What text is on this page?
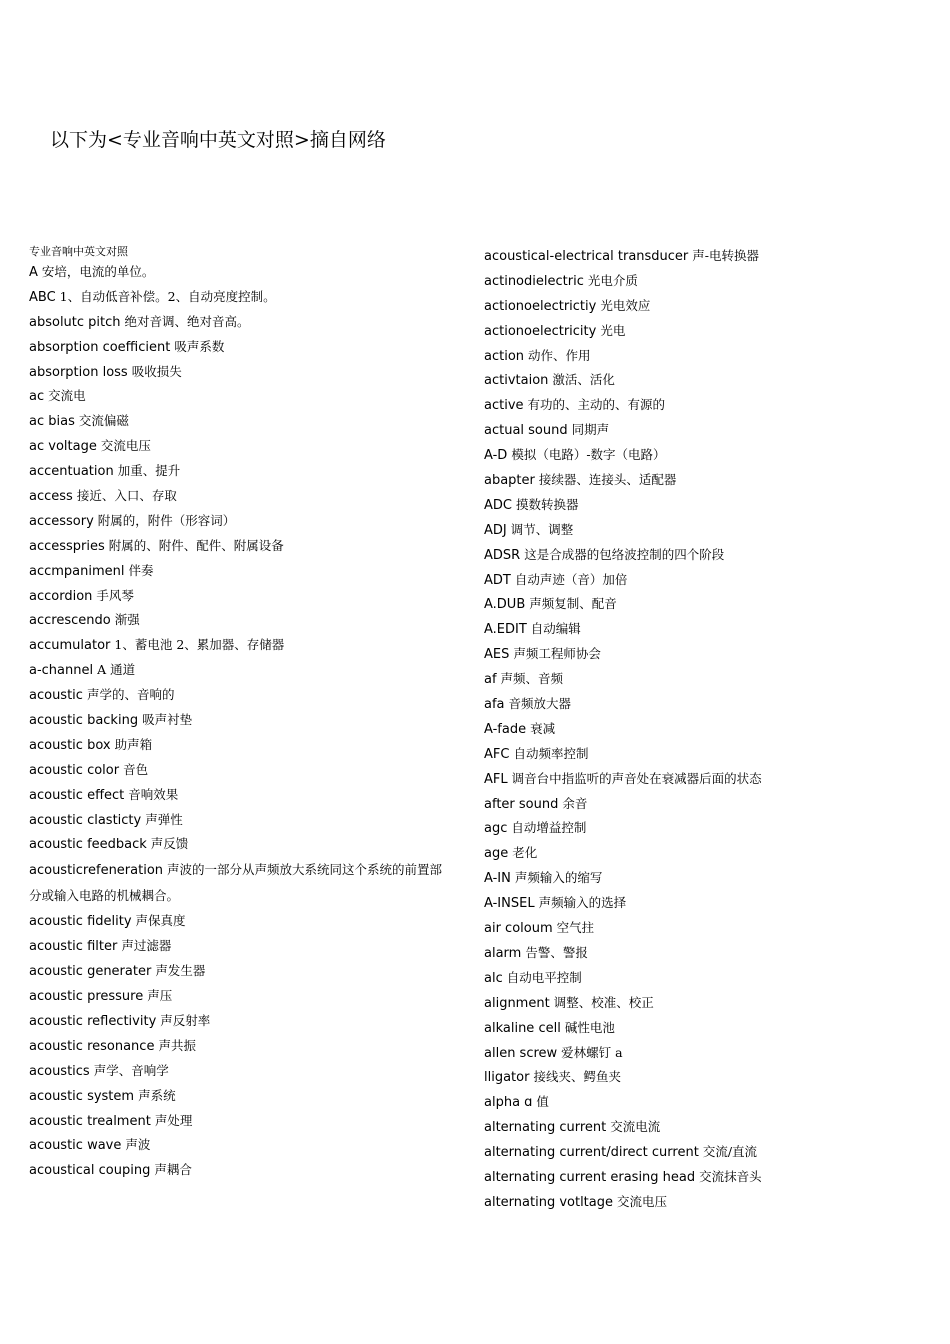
以下为<专业音响中英文对照>摘自网络
专业音响中英文对照
A 安培，电流的单位。
ABC 1、自动低音补偿。2、自动亮度控制。
absolutc pitch 绝对音调、绝对音高。
absorption coefficient 吸声系数
absorption loss 吸收损失
ac 交流电
ac bias 交流偏磁
ac voltage 交流电压
accentuation 加重、提升
access 接近、入口、存取
accessory 附属的，附件（形容词）
accesspries 附属的、附件、配件、附属设备
accmpanimenl 伴奏
accordion 手风琴
accrescendo 渐强
accumulator 1、蓄电池 2、累加器、存储器
a-channel A 通道
acoustic 声学的、音响的
acoustic backing 吸声衬垫
acoustic box 助声箱
acoustic color 音色
acoustic effect 音响效果
acoustic clasticty 声弹性
acoustic feedback 声反馈
acousticrefeneration 声波的一部分从声频放大系统同这个系统的前置部分或输入电路的机械耦合。
acoustic fidelity 声保真度
acoustic filter 声过滤器
acoustic generater 声发生器
acoustic pressure 声压
acoustic reflectivity 声反射率
acoustic resonance 声共振
acoustics 声学、音响学
acoustic system 声系统
acoustic trealment 声处理
acoustic wave 声波
acoustical couping 声耦合
acoustical-electrical transducer 声-电转换器
actinodielectric 光电介质
actionoelectrictiy 光电效应
actionoelectricity 光电
action 动作、作用
activtaion 激活、活化
active 有功的、主动的、有源的
actual sound 同期声
A-D 模拟（电路）-数字（电路）
abapter 接续器、连接头、适配器
ADC 摸数转换器
ADJ 调节、调整
ADSR 这是合成器的包络波控制的四个阶段
ADT 自动声迹（音）加倍
A.DUB 声频复制、配音
A.EDIT 自动编辑
AES 声频工程师协会
af 声频、音频
afa 音频放大器
A-fade 衰减
AFC 自动频率控制
AFL 调音台中指监听的声音处在衰减器后面的状态
after sound 余音
agc 自动增益控制
age 老化
A-IN 声频输入的缩写
A-INSEL 声频输入的选择
air coloum 空气拄
alarm 告警、警报
alc 自动电平控制
alignment 调整、校准、校正
alkaline cell 碱性电池
allen screw 爱林螺钉 a
lligator 接线夹、鳄鱼夹
alpha ɑ 值
alternating current 交流电流
alternating current/direct current 交流/直流
alternating current erasing head 交流抹音头
alternating votltage 交流电压
